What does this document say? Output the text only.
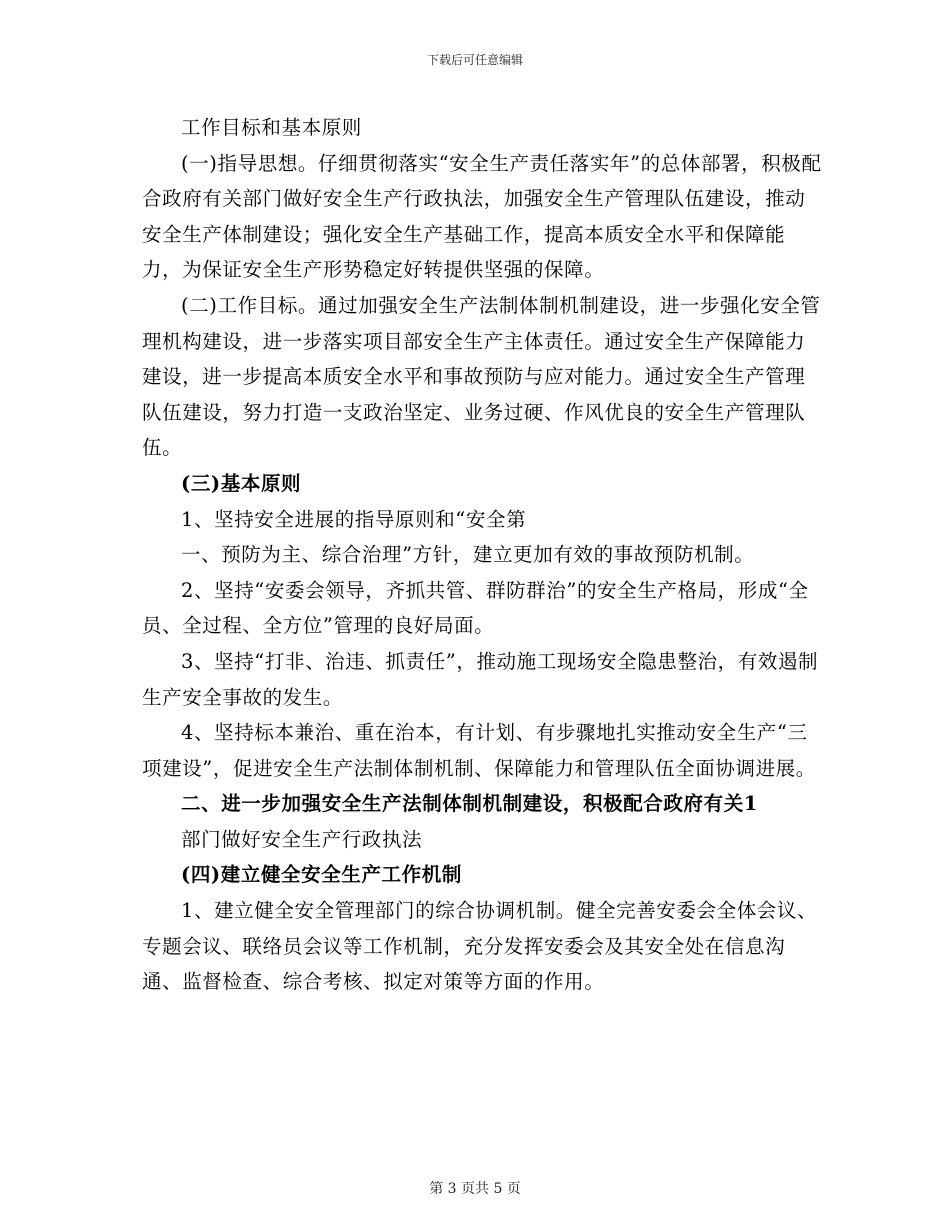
下载后可任意编辑

工作目标和基本原则

(一)指导思想。仔细贯彻落实“安全生产责任落实年”的总体部署，积极配合政府有关部门做好安全生产行政执法，加强安全生产管理队伍建设，推动安全生产体制建设；强化安全生产基础工作，提高本质安全水平和保障能力，为保证安全生产形势稳定好转提供坚强的保障。

(二)工作目标。通过加强安全生产法制体制机制建设，进一步强化安全管理机构建设，进一步落实项目部安全生产主体责任。通过安全生产保障能力建设，进一步提高本质安全水平和事故预防与应对能力。通过安全生产管理队伍建设，努力打造一支政治坚定、业务过硬、作风优良的安全生产管理队伍。

(三)基本原则

1、坚持安全进展的指导原则和“安全第

一、预防为主、综合治理”方针，建立更加有效的事故预防机制。

2、坚持“安委会领导，齐抓共管、群防群治”的安全生产格局，形成“全员、全过程、全方位”管理的良好局面。

3、坚持“打非、治违、抓责任”，推动施工现场安全隐患整治，有效遏制生产安全事故的发生。

4、坚持标本兼治、重在治本，有计划、有步骤地扎实推动安全生产“三项建设”，促进安全生产法制体制机制、保障能力和管理队伍全面协调进展。

二、进一步加强安全生产法制体制机制建设，积极配合政府有关1

部门做好安全生产行政执法

(四)建立健全安全生产工作机制

1、建立健全安全管理部门的综合协调机制。健全完善安委会全体会议、专题会议、联络员会议等工作机制，充分发挥安委会及其安全处在信息沟通、监督检查、综合考核、拟定对策等方面的作用。

第 3 页共 5 页
